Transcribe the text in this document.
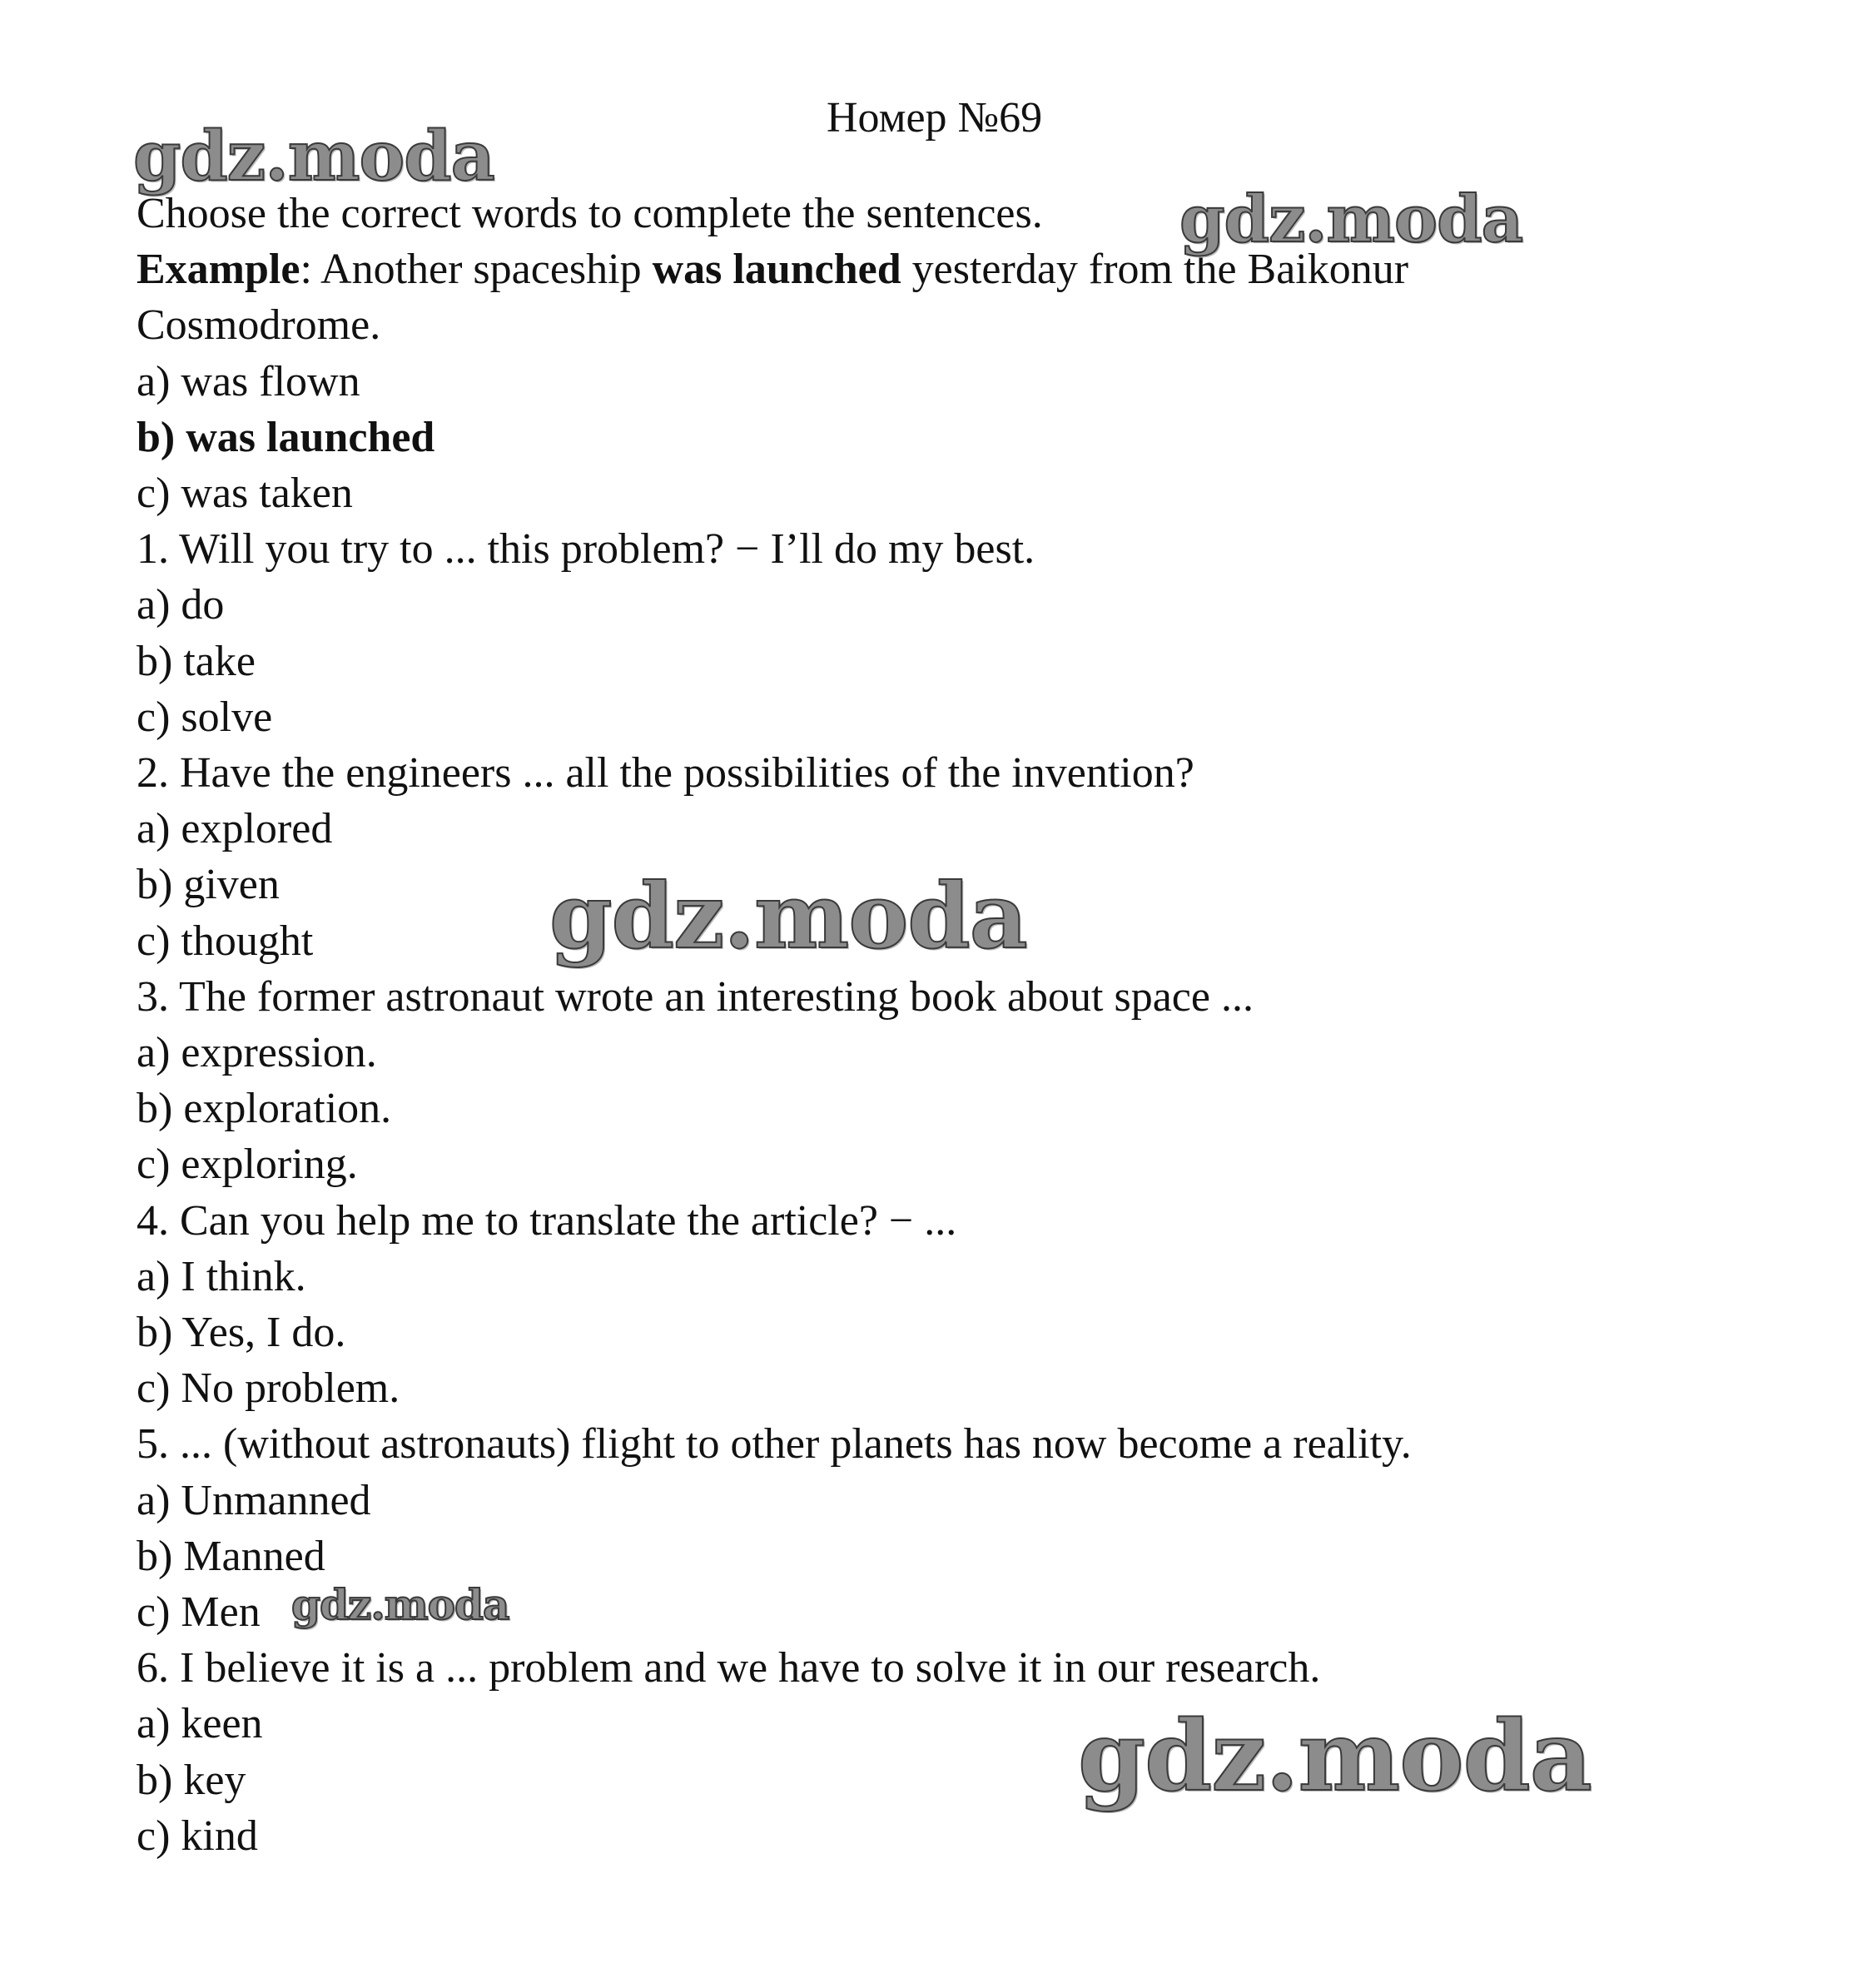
Номер №69
Choose the correct words to complete the sentences.
Example: Another spaceship was launched yesterday from the Baikonur
Cosmodrome.
a) was flown
b) was launched
c) was taken
1. Will you try to ... this problem? − I’ll do my best.
a) do
b) take
c) solve
2. Have the engineers ... all the possibilities of the invention?
a) explored
b) given
c) thought
3. The former astronaut wrote an interesting book about space ...
a) expression.
b) exploration.
c) exploring.
4. Can you help me to translate the article? − ...
a) I think.
b) Yes, I do.
c) No problem.
5. ... (without astronauts) flight to other planets has now become a reality.
a) Unmanned
b) Manned
c) Men
6. I believe it is a ... problem and we have to solve it in our research.
a) keen
b) key
c) kind
gdz.moda
gdz.moda
gdz.moda
gdz.moda
gdz.moda
